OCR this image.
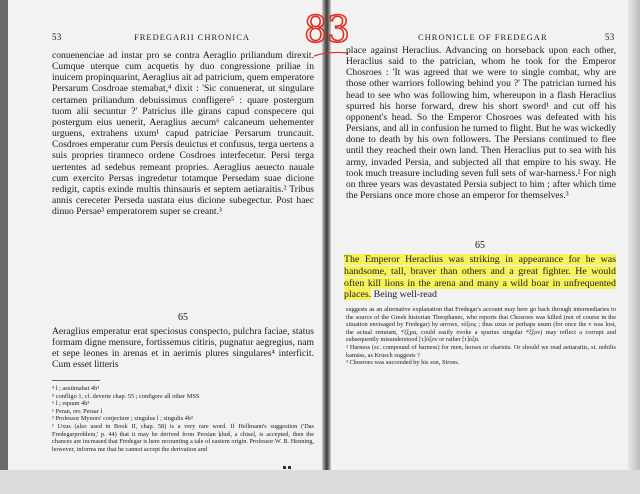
53	FREDEGARII CHRONICA

conuenenciae ad instar pro se contra Aeraglio priliandum direxit. Cumque uterque cum acquetis hy duo congressione priliae in inuicem propinquarint, Aeraglius ait ad patricium, quem emperatore Persarum Cosdroae stemabat,⁴ dixit : 'Sic conuenerat, ut singulare certamen priliandum debuissimus confligere⁵ : quare postergum tuom alii secuntur ?' Patricius ille girans capud conspecere qui postergum eius uenerit, Aeraglius aecum⁶ calcaneum uehementer urguens, extrahens uxum¹ capud patriciae Persarum truncauit. Cosdroes emperatur cum Persis deuictus et confusus, terga uertens a suis propries tiranneco ordene Cosdroes interfecetur. Persi terga uertentes ad sedebus remeant propries. Aeraglius aeuecto nauale cum exercito Persas ingredetur totamque Persedam suae dicione redigit, captis exinde multis thinsauris et septem aetiaraitis.² Tribus annis cereceter Perseda uastata eius dicione subegectur. Post haec dinuo Persae³ emperatorem super se creant.³

65

Aeraglius emperatur erat speciosus conspecto, pulchra faciae, status formam digne mensure, fortissemus citiris, pugnatur aegregius, nam et sepe leones in arenas et in aerimis plures singulares⁴ interficit. Cum esset litteris

⁴ l ; aestimabat 4b³
⁵ confligo 1, cf. deverte chap. 55 ; configere all other MSS
⁶ l ; equum 4b³
¹ Peran, orr. Persar l
² Professor Mynors' conjecture ; singulus l ; singulis 4b³
¹ Uxus (also used in Book II, chap. 58) is a very rare word. If Hellmann's suggestion ('Das Fredegarproblem,' p. 44) that it may be derived from Persian ḵhuš, a chisel, is accepted, then the chances are increased that Fredegar is here recounting a tale of eastern origin. Professor W. B. Henning, however, informs me that he cannot accept the derivation and
83	CHRONICLE OF FREDEGAR	53

place against Heraclius. Advancing on horseback upon each other, Heraclius said to the patrician, whom he took for the Emperor Chosroes : 'It was agreed that we were to single combat, why are those other warriors following behind you ?' The patrician turned his head to see who was following him, whereupon in a flash Heraclius spurred his horse forward, drew his short sword¹ and cut off his opponent's head. So the Emperor Chosroes was defeated with his Persians, and all in confusion he turned to flight. But he was wickedly done to death by his own followers. The Persians continued to flee until they reached their own land. Then Heraclius put to sea with his army, invaded Persia, and subjected all that empire to his sway. He took much treasure including seven full sets of war-harness.² For nigh on three years was devastated Persia subject to him ; after which time the Persians once more chose an emperor for themselves.³

65

The Emperor Heraclius was striking in appearance for he was handsome, tall, braver than others and a great fighter. He would often kill lions in the arena and many a wild boar in unfrequented places. Being well-read

suggests as an alternative explanation that Fredegar's account may here go back through intermediaries to the source of the Greek historian Theophanes, who reports that Chosroes was killed (not of course in the situation envisaged by Fredegar) by arrows, τόξοις ; thus uxus or perhaps usum (for once the v was lost, the actual remnant, *ξξμα, could easily evoke a spurius singular *ξξον) may reflect a corrupt and subsequently misunderstood [τ]όξον or rather [τ]όξα.
² Harness (sc. compound of harness) for men, horses or chariots. Or should we read aetiaraitis, st. nobilis kamāss, as Krusch suggests ?
³ Chosroes was succeeded by his son, Siroes.
